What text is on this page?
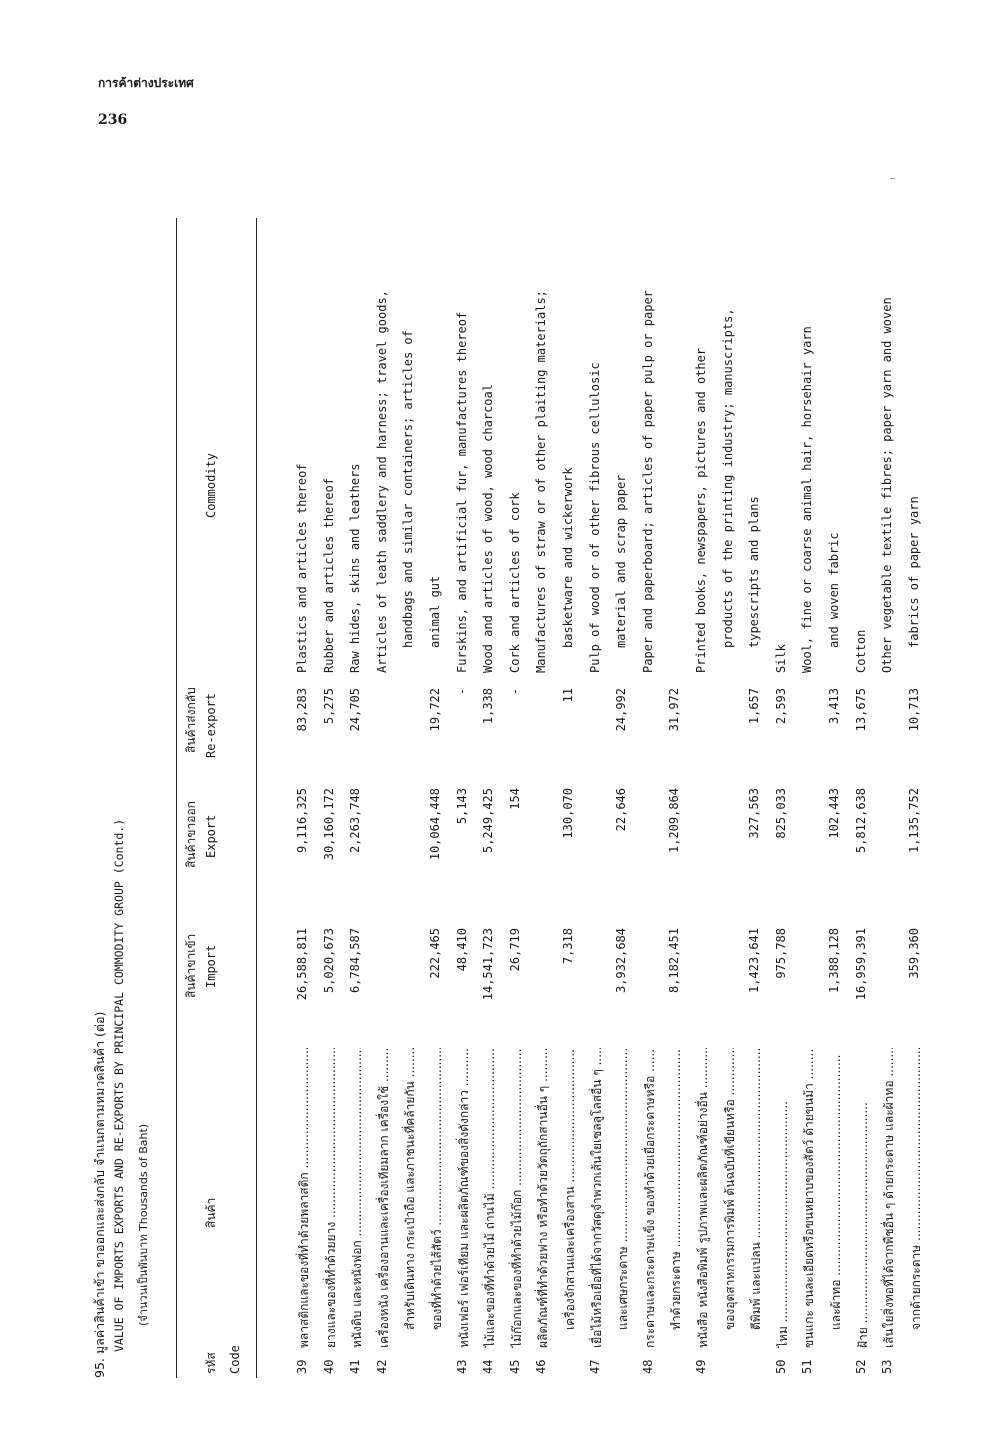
การค้าต่างประเทศ
236
95. มูลค่าสินค้าเข้า ขาออกและส่งกลับ จำแนกตามหมวดสินค้า (ต่อ) VALUE OF IMPORTS EXPORTS AND RE-EXPORTS BY PRINCIPAL COMMODITY GROUP (Contd.) (จำนวนเป็นพันบาท Thousands of Baht)
รหัส Code
สินค้า
สินค้าขาเข้า Import
สินค้าขาออก Export
สินค้าส่งกลับ Re-export
Commodity
39
พลาสติกและของที่ทำด้วยพลาสติก .....
26,588,811
9,116,325
83,283
Plastics and articles thereof
40
ยางและของที่ทำด้วยยาง .....
5,020,673
30,160,172
5,275
Rubber and articles thereof
41
หนังดิบ และหนังฟอก .....
6,784,587
2,263,748
24,705
Raw hides, skins and leathers
42
เครื่องหนัง เครื่องอานและเครื่องเทียมลาก เครื่องใช้ .....
Articles of leath saddlery and harness; travel goods,
สำหรับเดินทาง กระเป๋าถือ และภาชนะที่คล้ายกัน .....
handbags and similar containers; articles of
ของที่ทำด้วยไส้สัตว์ .....
222,465
10,064,448
19,722
animal gut
43
หนังเฟอร์ เฟอร์เทียม และผลิตภัณฑ์ของสิ่งดังกล่าว .....
48,410
5,143
-
Furskins, and artificial fur, manufactures thereof
44
ไม้และของที่ทำด้วยไม้ ถ่านไม้ .....
14,541,723
5,249,425
1,338
Wood and articles of wood, wood charcoal
45
ไม้ก๊อกและของที่ทำด้วยไม้ก๊อก .....
26,719
154
-
Cork and articles of cork
46
ผลิตภัณฑ์ที่ทำด้วยฟาง หรือทำด้วยวัตถุถักสานอื่น ๆ .....
Manufactures of straw or of other plaiting materials;
เครื่องจักสานและเครื่องสาน .....
7,318
130,070
11
basketware and wickerwork
47
เยื่อไม้หรือเยื่อที่ได้จากวัสดุจำพวกเส้นใยเซลลูโลสอื่น ๆ .....
Pulp of wood or of other fibrous cellulosic
และเศษกระดาษ .....
3,932,684
22,646
24,992
material and scrap paper
48
กระดาษและกระดาษแข็ง ของทำด้วยเยื่อกระดาษหรือ .....
Paper and paperboard; articles of paper pulp or paper
ทำด้วยกระดาษ .....
8,182,451
1,209,864
31,972
49
หนังสือ หนังสือพิมพ์ รูปภาพและผลิตภัณฑ์อย่างอื่น .....
Printed books, newspapers, pictures and other
ของอุตสาหกรรมการพิมพ์ ต้นฉบับที่เขียนหรือ .....
products of the printing industry; manuscripts,
ตีพิมพ์ และแปลน .....
1,423,641
327,563
1,657
typescripts and plans
50
ไหม .....
975,788
825,033
2,593
Silk
51
ขนแกะ ขนละเอียดหรือขนหยาบของสัตว์ ด้ายขนม้า .....
Wool, fine or coarse animal hair, horsehair yarn
และผ้าทอ .....
1,388,128
102,443
3,413
and woven fabric
52
ฝ้าย .....
16,959,391
5,812,638
13,675
Cotton
53
เส้นใยสิ่งทอที่ได้จากพืชอื่น ๆ ด้ายกระดาษ และผ้าทอ .....
Other vegetable textile fibres; paper yarn and woven
จากด้ายกระดาษ .....
359,360
1,135,752
10,713
fabrics of paper yarn
